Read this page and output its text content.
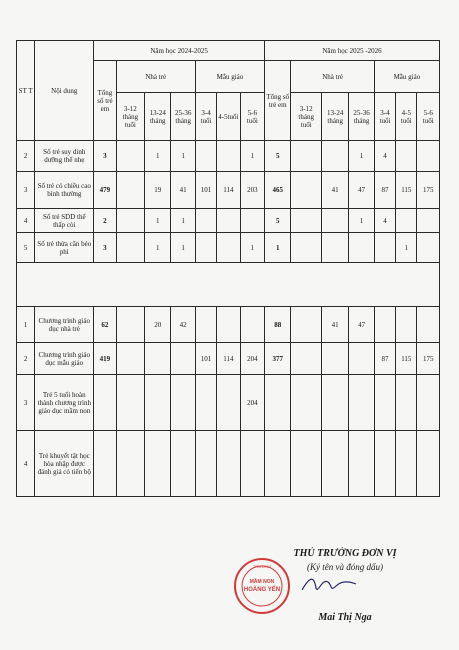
ST T	Nội dung	Năm học 2024-2025							Năm học 2025 -2026						
		Tổng số trẻ em	Nhà trẻ			Mẫu giáo			Tổng số trẻ em	Nhà trẻ			Mẫu giáo		
			3-12 tháng tuổi	13-24 tháng	25-36 tháng	3-4 tuổi	4-5tuổi	5-6 tuổi		3-12 tháng tuổi	13-24 tháng	25-36 tháng	3-4 tuổi	4-5 tuổi	5-6 tuổi
2	Số trẻ suy dinh dưỡng thể nhẹ	3		1	1			1	5			1	4		
3	Số trẻ có chiều cao bình thường	479		19	41	101	114	203	465		41	47	87	115	175
4	Số trẻ SDD thể thấp còi	2		1	1				5			1	4		
5	Số trẻ thừa cân béo phì	3		1	1			1	1					1	

1	Chương trình giáo dục nhà trẻ	62		20	42				88		41	47			
2	Chương trình giáo dục mẫu giáo	419				101	114	204	377				87	115	175
3	Trẻ 5 tuổi hoàn thành chương trình giáo dục mầm non							204							
4	Trẻ khuyết tật học hòa nhập được đánh giá có tiến bộ														
MẦM NON
HOÀNG YẾN
TRƯỜNG
THỦ TRƯỞNG ĐƠN VỊ
(Ký tên và đóng dấu)
Mai Thị Nga
